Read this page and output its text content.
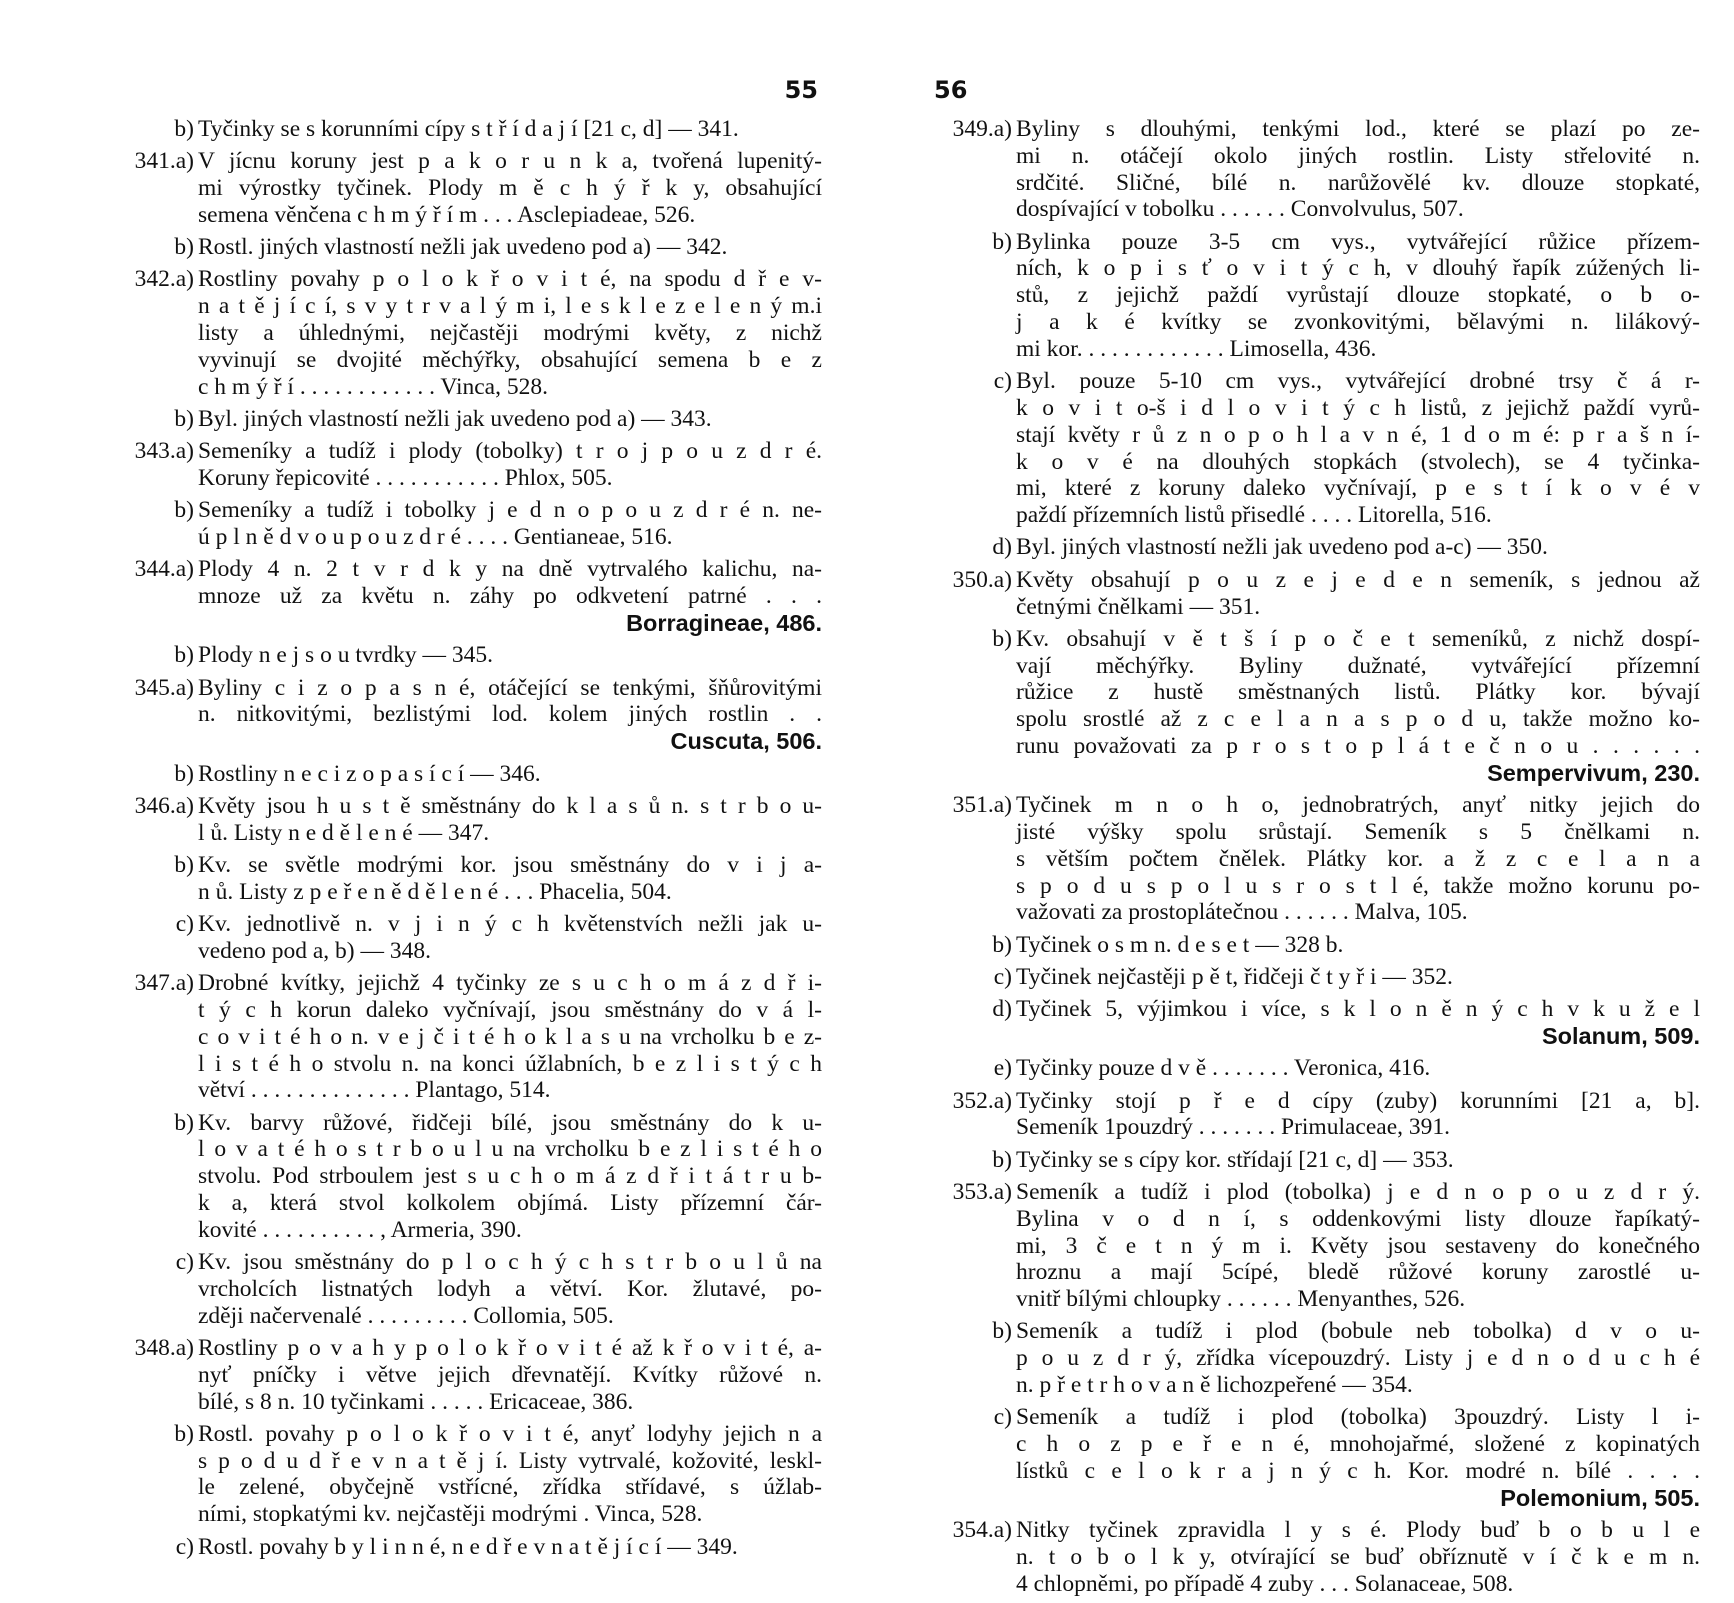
55
b) Tyčinky se s korunními cípy s t ř í d a j í [21 c, d] — 341.
341.a) V jícnu koruny jest p a k o r u n k a, tvořená lupenitý-
mi výrostky tyčinek. Plody m ě c h ý ř k y, obsahující
semena věnčena c h m ý ř í m . . . Asclepiadeae, 526.
b) Rostl. jiných vlastností nežli jak uvedeno pod a) — 342.
342.a) Rostliny povahy p o l o k ř o v i t é, na spodu d ř e v-
n a t ě j í c í, s v y t r v a l ý m i, l e s k l e z e l e n ý m.i
listy a úhlednými, nejčastěji modrými květy, z nichž
vyvinují se dvojité měchýřky, obsahující semena b e z
c h m ý ř í . . . . . . . . . . . . Vinca, 528.
b) Byl. jiných vlastností nežli jak uvedeno pod a) — 343.
343.a) Semeníky a tudíž i plody (tobolky) t r o j p o u z d r é.
Koruny řepicovité . . . . . . . . . . . Phlox, 505.
b) Semeníky a tudíž i tobolky j e d n o p o u z d r é n. ne-
ú p l n ě d v o u p o u z d r é . . . . Gentianeae, 516.
344.a) Plody 4 n. 2 t v r d k y na dně vytrvalého kalichu, na-
mnoze už za květu n. záhy po odkvetení patrné . . .
Borragineae, 486.
b) Plody n e j s o u tvrdky — 345.
345.a) Byliny c i z o p a s n é, otáčející se tenkými, šňůrovitými
n. nitkovitými, bezlistými lod. kolem jiných rostlin . .
Cuscuta, 506.
b) Rostliny n e c i z o p a s í c í — 346.
346.a) Květy jsou h u s t ě směstnány do k l a s ů n. s t r b o u-
l ů. Listy n e d ě l e n é — 347.
b) Kv. se světle modrými kor. jsou směstnány do v i j a-
n ů. Listy z p e ř e n ě d ě l e n é . . . Phacelia, 504.
c) Kv. jednotlivě n. v j i n ý c h květenstvích nežli jak u-
vedeno pod a, b) — 348.
347.a) Drobné kvítky, jejichž 4 tyčinky ze s u c h o m á z d ř i-
t ý c h korun daleko vyčnívají, jsou směstnány do v á l-
c o v i t é h o n. v e j č i t é h o k l a s u na vrcholku b e z-
l i s t é h o stvolu n. na konci úžlabních, b e z l i s t ý c h
větví . . . . . . . . . . . . . . Plantago, 514.
b) Kv. barvy růžové, řidčeji bílé, jsou směstnány do k u-
l o v a t é h o s t r b o u l u na vrcholku b e z l i s t é h o
stvolu. Pod strboulem jest s u c h o m á z d ř i t á t r u b-
k a, která stvol kolkolem objímá. Listy přízemní čár-
kovité . . . . . . . . . . , Armeria, 390.
c) Kv. jsou směstnány do p l o c h ý c h s t r b o u l ů na
vrcholcích listnatých lodyh a větví. Kor. žlutavé, po-
zději načervenalé . . . . . . . . . Collomia, 505.
348.a) Rostliny p o v a h y p o l o k ř o v i t é až k ř o v i t é, a-
nyť pníčky i větve jejich dřevnatějí. Kvítky růžové n.
bílé, s 8 n. 10 tyčinkami . . . . . Ericaceae, 386.
b) Rostl. povahy p o l o k ř o v i t é, anyť lodyhy jejich n a
s p o d u d ř e v n a t ě j í. Listy vytrvalé, kožovité, leskl-
le zelené, obyčejně vstřícné, zřídka střídavé, s úžlab-
ními, stopkatými kv. nejčastěji modrými . Vinca, 528.
c) Rostl. povahy b y l i n n é, n e d ř e v n a t ě j í c í — 349.
56
349.a) Byliny s dlouhými, tenkými lod., které se plazí po ze-
mi n. otáčejí okolo jiných rostlin. Listy střelovité n.
srdčité. Sličné, bílé n. narůžovělé kv. dlouze stopkaté,
dospívající v tobolku . . . . . . Convolvulus, 507.
b) Bylinka pouze 3-5 cm vys., vytvářející růžice přízem-
ních, k o p i s ť o v i t ý c h, v dlouhý řapík zúžených li-
stů, z jejichž paždí vyrůstají dlouze stopkaté, o b o-
j a k é kvítky se zvonkovitými, bělavými n. lilákový-
mi kor. . . . . . . . . . . . . Limosella, 436.
c) Byl. pouze 5-10 cm vys., vytvářející drobné trsy č á r-
k o v i t o-š i d l o v i t ý c h listů, z jejichž paždí vyrů-
stají květy r ů z n o p o h l a v n é, 1 d o m é: p r a š n í-
k o v é na dlouhých stopkách (stvolech), se 4 tyčinka-
mi, které z koruny daleko vyčnívají, p e s t í k o v é v
paždí přízemních listů přisedlé . . . . Litorella, 516.
d) Byl. jiných vlastností nežli jak uvedeno pod a-c) — 350.
350.a) Květy obsahují p o u z e j e d e n semeník, s jednou až
četnými čnělkami — 351.
b) Kv. obsahují v ě t š í p o č e t semeníků, z nichž dospí-
vají měchýřky. Byliny dužnaté, vytvářející přízemní
růžice z hustě směstnaných listů. Plátky kor. bývají
spolu srostlé až z c e l a n a s p o d u, takže možno ko-
runu považovati za p r o s t o p l á t e č n o u . . . . . .
Sempervivum, 230.
351.a) Tyčinek m n o h o, jednobratrých, anyť nitky jejich do
jisté výšky spolu srůstají. Semeník s 5 čnělkami n.
s větším počtem čnělek. Plátky kor. a ž z c e l a n a
s p o d u s p o l u s r o s t l é, takže možno korunu po-
važovati za prostoplátečnou . . . . . . Malva, 105.
b) Tyčinek o s m n. d e s e t — 328 b.
c) Tyčinek nejčastěji p ě t, řidčeji č t y ř i — 352.
d) Tyčinek 5, výjimkou i více, s k l o n ě n ý c h v k u ž e l
Solanum, 509.
e) Tyčinky pouze d v ě . . . . . . . Veronica, 416.
352.a) Tyčinky stojí p ř e d cípy (zuby) korunními [21 a, b].
Semeník 1pouzdrý . . . . . . . Primulaceae, 391.
b) Tyčinky se s cípy kor. střídají [21 c, d] — 353.
353.a) Semeník a tudíž i plod (tobolka) j e d n o p o u z d r ý.
Bylina v o d n í, s oddenkovými listy dlouze řapíkatý-
mi, 3 č e t n ý m i. Květy jsou sestaveny do konečného
hroznu a mají 5cípé, bledě růžové koruny zarostlé u-
vnitř bílými chloupky . . . . . . Menyanthes, 526.
b) Semeník a tudíž i plod (bobule neb tobolka) d v o u-
p o u z d r ý, zřídka vícepouzdrý. Listy j e d n o d u c h é
n. p ř e t r h o v a n ě lichozpeřené — 354.
c) Semeník a tudíž i plod (tobolka) 3pouzdrý. Listy l i-
c h o z p e ř e n é, mnohojařmé, složené z kopinatých
lístků c e l o k r a j n ý c h. Kor. modré n. bílé . . . .
Polemonium, 505.
354.a) Nitky tyčinek zpravidla l y s é. Plody buď b o b u l e
n. t o b o l k y, otvírající se buď obříznutě v í č k e m n.
4 chlopněmi, po případě 4 zuby . . . Solanaceae, 508.
